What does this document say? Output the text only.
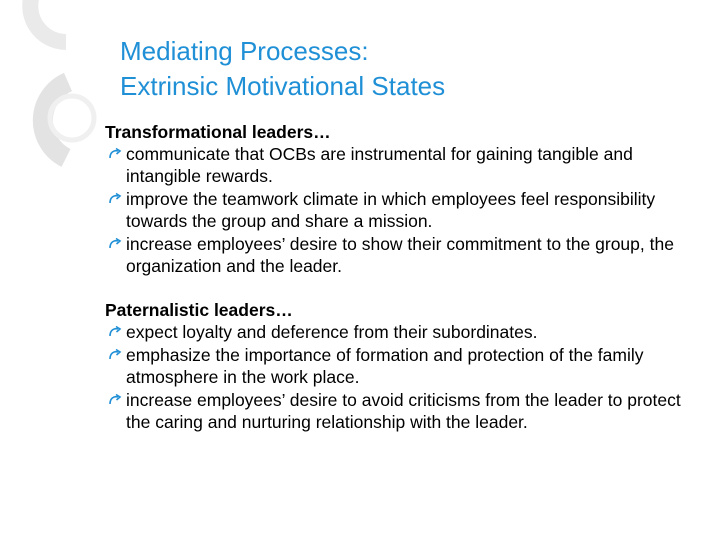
Mediating Processes:
Extrinsic Motivational States
Transformational leaders…
communicate that OCBs are instrumental for gaining tangible and intangible rewards.
improve the teamwork climate in which employees feel responsibility towards the group and share a mission.
increase employees’ desire to show their commitment to the group, the organization and the leader.
Paternalistic leaders…
expect loyalty and deference from their subordinates.
emphasize the importance of formation and protection of the family atmosphere in the work place.
increase employees’ desire to avoid criticisms from the leader to protect the caring and nurturing relationship with the leader.
